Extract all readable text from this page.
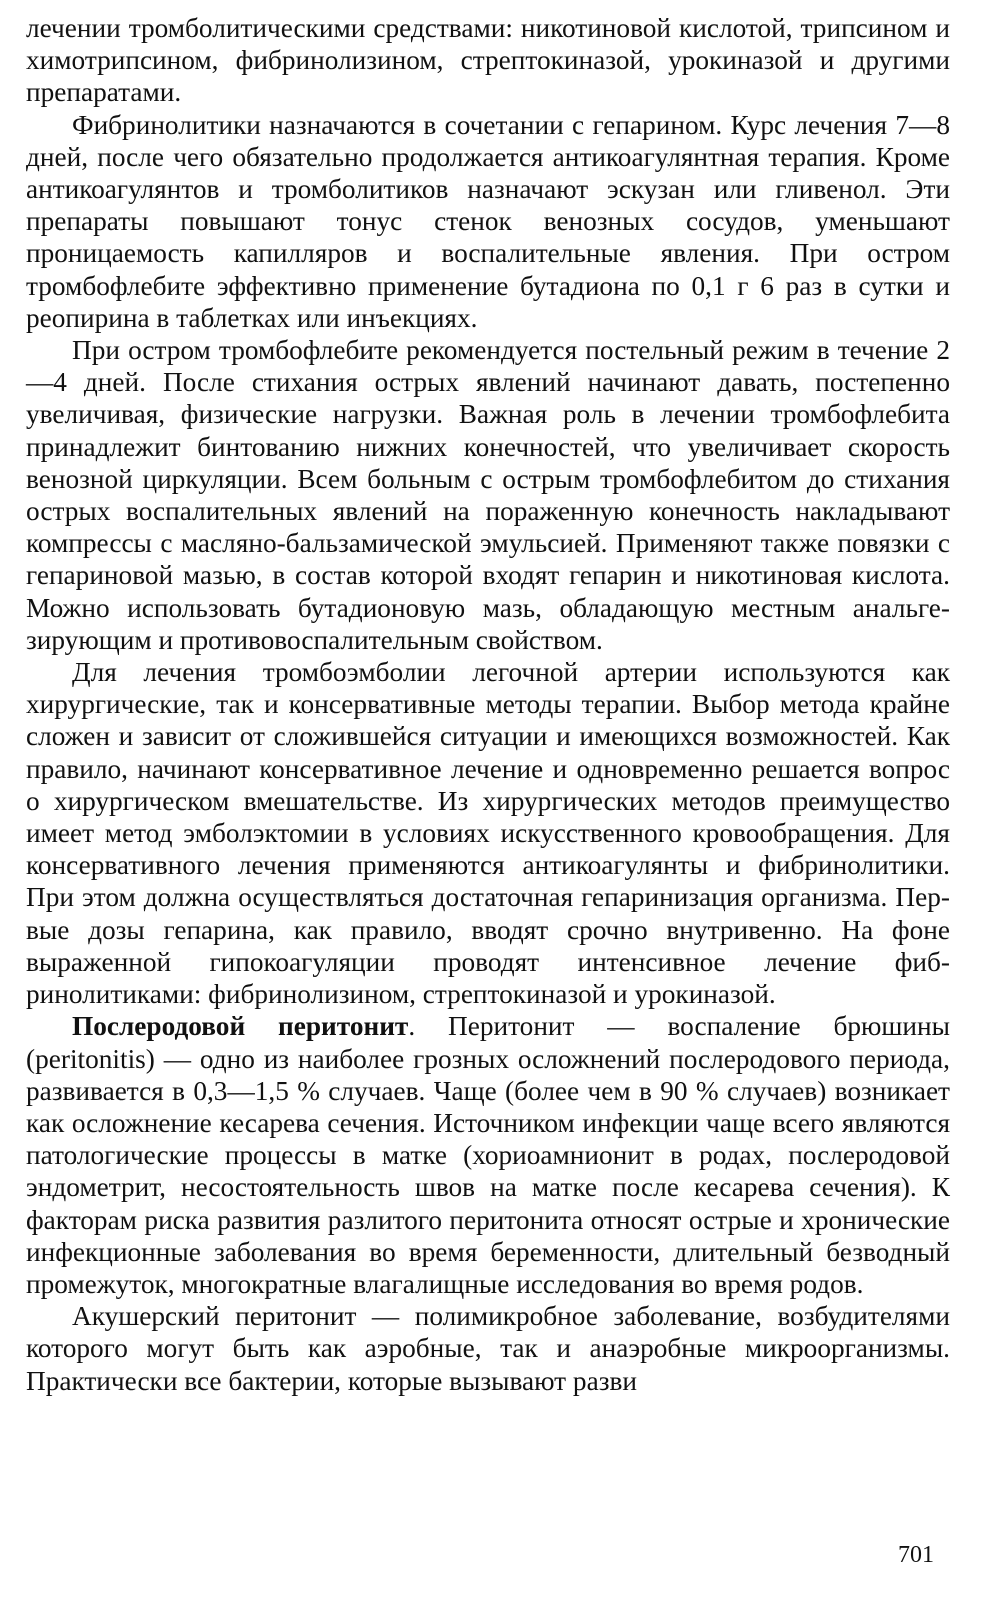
лечении тромболитическими средствами: никотиновой кислотой, трипсином и химотрипсином, фибринолизином, стрептокиназой, урокиназой и другими препаратами.

Фибринолитики назначаются в сочетании с гепарином. Курс лечения 7—8 дней, после чего обязательно продолжается антикоагулянтная терапия. Кроме антикоагулянтов и тромболитиков назначают эскузан или гливенол. Эти препараты повышают тонус стенок венозных сосудов, уменьшают проницаемость капилляров и воспалительные явления. При остром тромбофлебите эффективно применение бутадиона по 0,1 г 6 раз в сутки и реопирина в таблетках или инъекциях.

При остром тромбофлебите рекомендуется постельный режим в течение 2—4 дней. После стихания острых явлений начинают давать, постепенно увеличивая, физические нагрузки. Важная роль в лечении тромбофлебита принадлежит бинтованию нижних конечностей, что увеличивает скорость венозной циркуляции. Всем больным с острым тромбофлебитом до стихания острых воспалительных явлений на пораженную конечность накладывают компрессы с масляно-бальзамической эмульсией. Применяют также повязки с гепариновой мазью, в состав которой входят гепарин и никотиновая кислота. Можно использовать бутадионовую мазь, обладающую местным анальгезирующим и противовоспалительным свойством.

Для лечения тромбоэмболии легочной артерии используются как хирургические, так и консервативные методы терапии. Выбор метода крайне сложен и зависит от сложившейся ситуации и имеющихся возможностей. Как правило, начинают консервативное лечение и одновременно решается вопрос о хирургическом вмешательстве. Из хирургических методов преимущество имеет метод эмболэктомии в условиях искусственного кровообращения. Для консервативного лечения применяются антикоагулянты и фибринолитики. При этом должна осуществляться достаточная гепаринизация организма. Первые дозы гепарина, как правило, вводят срочно внутривенно. На фоне выраженной гипокоагуляции проводят интенсивное лечение фибринолитиками: фибринолизином, стрептокиназой и урокиназой.

Послеродовой перитонит. Перитонит — воспаление брюшины (peritonitis) — одно из наиболее грозных осложнений послеродового периода, развивается в 0,3—1,5 % случаев. Чаще (более чем в 90 % случаев) возникает как осложнение кесарева сечения. Источником инфекции чаще всего являются патологические процессы в матке (хориоамнионит в родах, послеродовой эндометрит, несостоятельность швов на матке после кесарева сечения). К факторам риска развития разлитого перитонита относят острые и хронические инфекционные заболевания во время беременности, длительный безводный промежуток, многократные влагалищные исследования во время родов.

Акушерский перитонит — полимикробное заболевание, возбудителями которого могут быть как аэробные, так и анаэробные микроорганизмы. Практически все бактерии, которые вызывают разви

701
